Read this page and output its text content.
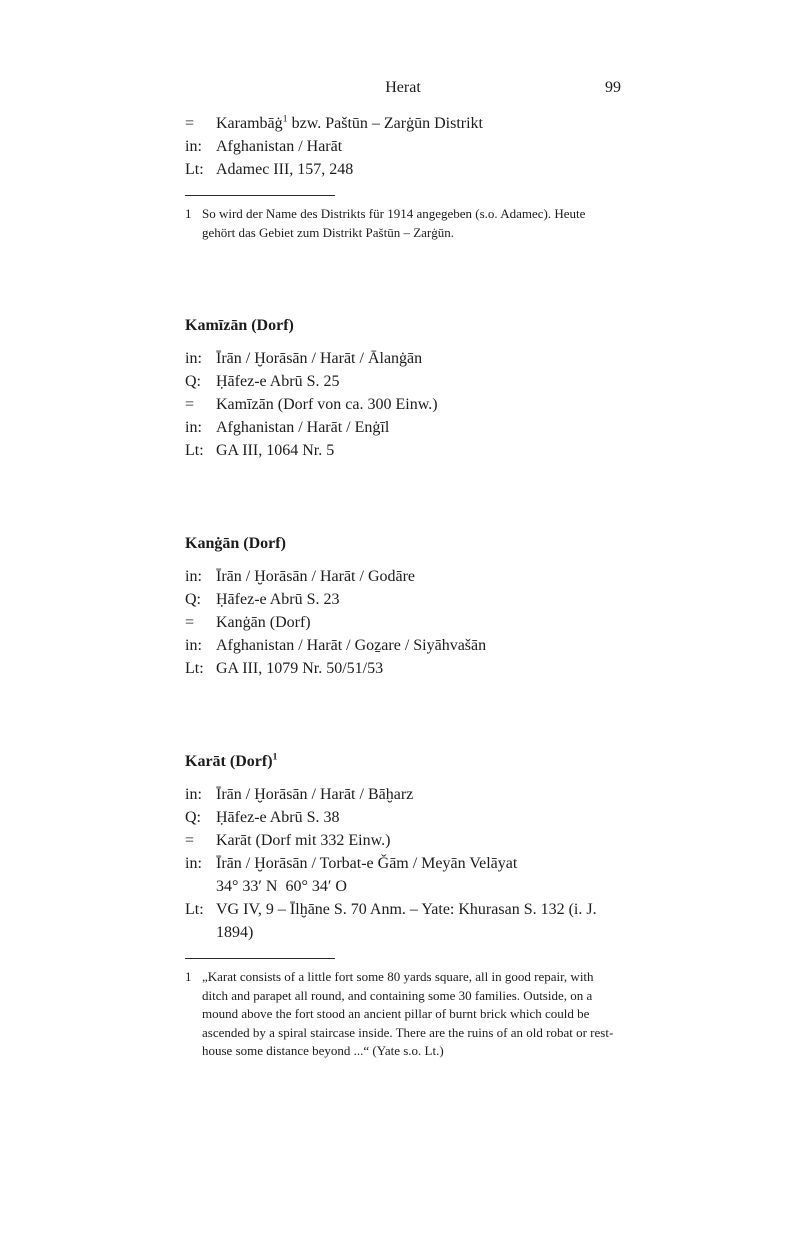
Herat	99
=	Karambāġ$^1$ bzw. Paštūn – Zarġūn Distrikt
in: Afghanistan / Harāt
Lt: Adamec III, 157, 248
1 So wird der Name des Distrikts für 1914 angegeben (s.o. Adamec). Heute gehört das Gebiet zum Distrikt Paštūn – Zarġūn.
Kamīzān (Dorf)
in: Īrān / Ḫorāsān / Harāt / Ālanġān
Q: Ḥāfez-e Abrū S. 25
=	Kamīzān (Dorf von ca. 300 Einw.)
in: Afghanistan / Harāt / Enġīl
Lt: GA III, 1064 Nr. 5
Kanġān (Dorf)
in: Īrān / Ḫorāsān / Harāt / Godāre
Q: Ḥāfez-e Abrū S. 23
=	Kanġān (Dorf)
in: Afghanistan / Harāt / Goẕare / Siyāhvašān
Lt: GA III, 1079 Nr. 50/51/53
Karāt (Dorf)$^1$
in: Īrān / Ḫorāsān / Harāt / Bāḫarz
Q: Ḥāfez-e Abrū S. 38
=	Karāt (Dorf mit 332 Einw.)
in: Īrān / Ḫorāsān / Torbat-e Ǧām / Meyān Velāyat
34° 33′ N  60° 34′ O
Lt: VG IV, 9 – Īlḫāne S. 70 Anm. – Yate: Khurasan S. 132 (i. J. 1894)
1 „Karat consists of a little fort some 80 yards square, all in good repair, with ditch and parapet all round, and containing some 30 families. Outside, on a mound above the fort stood an ancient pillar of burnt brick which could be ascended by a spiral staircase inside. There are the ruins of an old robat or rest-house some distance beyond ...“ (Yate s.o. Lt.)
